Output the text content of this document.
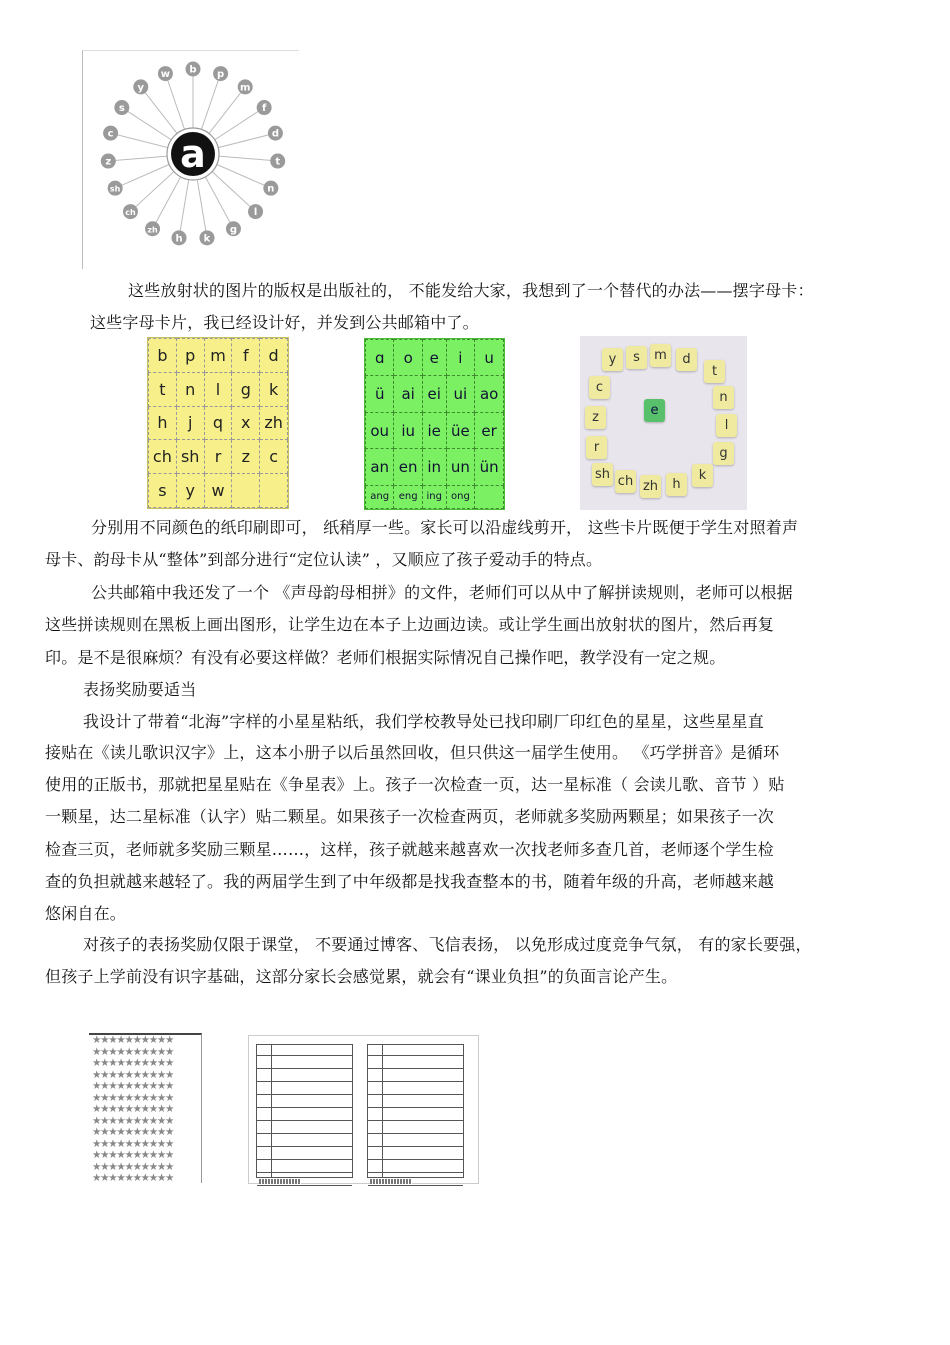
b p
m
f
d
t
n
l
g
k
h
zh
ch
sh
z
c
s
y
w
a
这些放射状的图片的版权是出版社的， 不能发给大家，我想到了一个替代的办法——摆字母卡：
这些字母卡片，我已经设计好，并发到公共邮箱中了。
b	p	m	f	d
t	n	l	g	k
h	j	q	x	zh
ch	sh	r	z	c
s	y	w		
ɑ	o	e	i	u
ü	ai	ei	ui	ao
ou	iu	ie	üe	er
an	en	in	un	ün
ang	eng	ing	ong	
y	s	m	d
t
n
l
g
k
h
zh
ch
sh
r
z
c
e
分别用不同颜色的纸印刷即可， 纸稍厚一些。家长可以沿虚线剪开， 这些卡片既便于学生对照着声
母卡、韵母卡从“整体”到部分进行“定位认读” ，又顺应了孩子爱动手的特点。
公共邮箱中我还发了一个 《声母韵母相拼》的文件，老师们可以从中了解拼读规则，老师可以根据
这些拼读规则在黑板上画出图形，让学生边在本子上边画边读。或让学生画出放射状的图片，然后再复
印。是不是很麻烦？有没有必要这样做？老师们根据实际情况自己操作吧，教学没有一定之规。
表扬奖励要适当
我设计了带着“北海”字样的小星星粘纸，我们学校教导处已找印刷厂印红色的星星，这些星星直
接贴在《读儿歌识汉字》上，这本小册子以后虽然回收，但只供这一届学生使用。 《巧学拼音》是循环
使用的正版书，那就把星星贴在《争星表》上。孩子一次检查一页，达一星标准（ 会读儿歌、音节 ）贴
一颗星，达二星标准（认字）贴二颗星。如果孩子一次检查两页，老师就多奖励两颗星；如果孩子一次
检查三页，老师就多奖励三颗星……，这样，孩子就越来越喜欢一次找老师多查几首，老师逐个学生检
查的负担就越来越轻了。我的两届学生到了中年级都是找我查整本的书，随着年级的升高，老师越来越
悠闲自在。
对孩子的表扬奖励仅限于课堂， 不要通过博客、飞信表扬， 以免形成过度竞争气氛， 有的家长要强，
但孩子上学前没有识字基础，这部分家长会感觉累，就会有“课业负担”的负面言论产生。
★★★★★★★★★★
★★★★★★★★★★
★★★★★★★★★★
★★★★★★★★★★
★★★★★★★★★★
★★★★★★★★★★
★★★★★★★★★★
★★★★★★★★★★
★★★★★★★★★★
★★★★★★★★★★
★★★★★★★★★★
★★★★★★★★★★
★★★★★★★★★★
